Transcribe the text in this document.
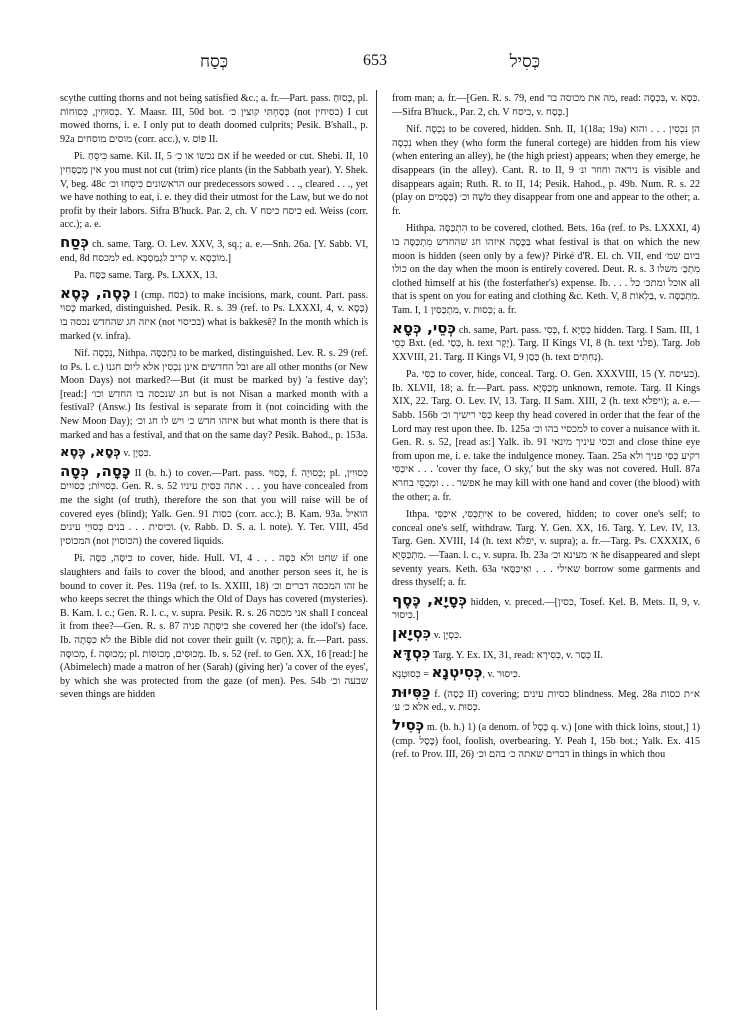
כְּסַח	653	כְּסִיל

scythe cutting thorns and not being satisfied &c.; a. fr.—Part. pass. כָּסוּחַ, pl. כְּסוּחִין, כְּסוּחוֹת. Y. Maasr. III, 50d bot. כְּסַחְתִּי קוצין כ׳ (not כסיחין) I cut mowed thorns, i. e. I only put to death doomed culprits; Pesik. B'shall., p. 92a מוסים מוסחים (corr. acc.), v. פּוֹס II.

Pi. כִּיסֵּחַ same. Kil. II, 5 אם נכשו או כִ׳ if he weeded or cut. Shebi. II, 10 אין מְכַסְּחִין you must not cut (trim) rice plants (in the Sabbath year). Y. Shek. V, beg. 48c הראשונים כִּיסְּחוּ וכ׳ our predecessors sowed . . ., cleared . . ., yet we have nothing to eat, i. e. they did their utmost for the Law, but we do not profit by their labors. Sifra B'huck. Par. 2, ch. V כיסח כיסח ed. Weiss (corr. acc.); a. e.

כְּסַח ch. same. Targ. O. Lev. XXV, 3, sq.; a. e.—Snh. 26a. [Y. Sabb. VI, end, 8d למכסח ed. קריב לגְמַסְבָּא v. מוֹכְסָא.]

Pa. כַּסַּח same. Targ. Ps. LXXX, 13.

כֶּסֶה, כֶּסֶא I (cmp. כסח) to make incisions, mark, count. Part. pass. כָּסוּי marked, distinguished. Pesik. R. s. 39 (ref. to Ps. LXXXI, 4, v. כֶּסֶא) איזה חג שהחדש נכסה בו (not בכיסוי) what is bakkesê? In the month which is marked (v. infra).

Nif. נִכְסָה, Nithpa. נִתְכַּסָּה to be marked, distinguished. Lev. R. s. 29 (ref. to Ps. l. c.) ובל החדשים אינן נִכְסִין אלא ליום חגנו are all other months (or New Moon Days) not marked?—But (it must be marked by) 'a festive day'; [read:] חג שנכסה בו החדש וכו׳ but is not Nisan a marked month with a festival? (Answ.) Its festival is separate from it (not coinciding with the New Moon Day); איזהו חדש כ׳ ויש לו חג וכ׳ but what month is there that is marked and has a festival, and that on the same day? Pesik. Bahod., p. 153a.

כְּסָא, כֶּסֶא v. כִּסְיָן.

כָּסָה, כְּסָה II (b. h.) to cover.—Part. pass. כָּסוּי, f. כְּסוּיָה; pl. כְּסוּיִין, כְּסוּיוֹת; כְּסוּיִים. Gen. R. s. 52 אתה כִּסִּיתָ עיניו . . . you have concealed from me the sight (of truth), therefore the son that you will raise will be of covered eyes (blind); Yalk. Gen. 91 כסות (corr. acc.); B. Kam. 93a. הואיל וכיסית . . . בנים כְּסוּיֵי עינים. (v. Rabb. D. S. a. l. note). Y. Ter. VIII, 45d המכוסין (not הכוסוין) the covered liquids.

Pi. כִּיסָּה, כִּסָּה to cover, hide. Hull. VI, 4 . . . שחט ולא כִּסָּה if one slaughters and fails to cover the blood, and another person sees it, he is bound to cover it. Pes. 119a (ref. to Is. XXIII, 18) זהו המכסה דברים וכ׳ he who keeps secret the things which the Old of Days has covered (mysteries). B. Kam. l. c.; Gen. R. l. c., v. supra. Pesik. R. s. 26 אני מכסה shall I conceal it from thee?—Gen. R. s. 87 כִּיסְּתָה פניה she covered her (the idol's) face. Ib. לא כִּסְּתָה the Bible did not cover their guilt (v. חָפָה); a. fr.—Part. pass. מְכוּסֶּה, f. מְכוּסָּה; pl. מְכוּסִּים, מְכוּסּוֹת. Ib. s. 52 (ref. to Gen. XX, 16 [read:] he (Abimelech) made a matron of her (Sarah) (giving her) 'a cover of the eyes', by which she was protected from the gaze (of men). Pes. 54b שבעה וכ׳ seven things are hidden

from man; a. fr.—[Gen. R. s. 79, end מה את מכוסה בר, read: בִּכְסָה, v. כִּסָא.—Sifra B'huck., Par. 2, ch. V כיסח, v. כָּסַח.]

Nif. נִכְסָה to be covered, hidden. Snh. II, 1(18a; 19a) הן נִכְסִין . . . והוא נִכְסָה when they (who form the funeral cortege) are hidden from his view (when entering an alley), he (the high priest) appears; when they emerge, he disappears (in the alley). Cant. R. to II, 9 ניראה וחוזר ונ׳ is visible and disappears again; Ruth. R. to II, 14; Pesik. Hahod., p. 49b. Num. R. s. 22 (play on כְּסָמִים) מֹשֶׁה וכ׳ they disappear from one and appear to the other; a. fr.

Hithpa. הִתְכַּסָּה to be covered, clothed. Bets. 16a (ref. to Ps. LXXXI, 4) בַּכֶּסֶה איזהו חג שהחדש מִתְכַּסֶּה בו what festival is that on which the new moon is hidden (seen only by a few)? Pirké d'R. El. ch. VII, end ביום שמ׳ כולו on the day when the moon is entirely covered. Deut. R. s. 3 מִתְכַּ׳ משלו clothed himself at his (the fosterfather's) expense. Ib. . . . אוכל ומתכ׳ כל all that is spent on you for eating and clothing &c. Keth. V, 8 בַּלְאוֹת, v. מִתְכַּסָּה. Tam. I, 1 מִתְכַּסִּין, v. כְּסוּת; a. fr.

כְּסֵי, כְּסָא ch. same, Part. pass. כְּסֵי, f. כְּסֵיָא hidden. Targ. I Sam. III, 1 כְּסֵי Bxt. (ed. כְּסַי, h. text יָקָר). Targ. II Kings VI, 8 (h. text פלני). Targ. Job XXVIII, 21. Targ. II Kings VI, 9 כְּסַן (h. text נְחִתִּים).

Pa. כַּסִּי to cover, hide, conceal. Targ. O. Gen. XXXVIII, 15 (Y. כעיסה). Ib. XLVII, 18; a. fr.—Part. pass. מְכַסְּיָא unknown, remote. Targ. II Kings XIX, 22. Targ. O. Lev. IV, 13. Targ. II Sam. XIII, 2 (h. text ויפלא); a. e.—Sabb. 156b כַּסִּי רישיך וכ׳ keep thy head covered in order that the fear of the Lord may rest upon thee. Ib. 125a למכסיי בהו וכ׳ to cover a nuisance with it. Gen. R. s. 52, [read as:] Yalk. ib. 91 וכסי עיניך מינאי and close thine eye from upon me, i. e. take the indulgence money. Taan. 25a רקיע כַּסִּי פניך ולא איכַּסִּי . . . 'cover thy face, O sky,' but the sky was not covered. Hull. 87a אפשר . . . ומְכַסֵּי בחרא he may kill with one hand and cover (the blood) with the other; a. fr.

Ithpa. אִיתְכַּסִּי, אִיכַּסִּי to be covered, hidden; to cover one's self; to conceal one's self, withdraw. Targ. Y. Gen. XX, 16. Targ. Y. Lev. IV, 13. Targ. Gen. XVIII, 14 (h. text יפלא, v. supra); a. fr.—Targ. Ps. CXXXIX, 6 מִתְכַּסְּיָא. —Taan. l. c., v. supra. Ib. 23a א׳ מעינא וכ׳ he disappeared and slept seventy years. Keth. 63a שאילי . . . ואִיכַּסַּאי borrow some garments and dress thyself; a. fr.

כְּסָיָא, כֶּסֶף hidden, v. preced.—[כסין, Tosef. Kel. B. Mets. II, 9, v. כִּיסוּר.]

כִּסְיָאן v. כִּסְיָן.

כִּסְדָּא Targ. Y. Ex. IX, 31, read: כְּסִירָא, v. כְּסַר II.

כְּסִיטְנָא = כְּסוּטְנָא, v. כִּיסוּר.

כַּסִּיוּת f. (כָּסָה II) covering; כסיות עינים blindness. Meg. 28a א״ת כסות אלא כ׳ ע׳ ed., v. כְּסוּת.

כְּסִיל m. (b. h.) 1) (a denom. of כֶּסֶל q. v.) [one with thick loins, stout,] 1) (cmp. כֶּסֶל) fool, foolish, overbearing. Y. Peah I, 15b bot.; Yalk. Ex. 415 (ref. to Prov. III, 26) דברים שאתה כ׳ בהם וכ׳ in things in which thou
